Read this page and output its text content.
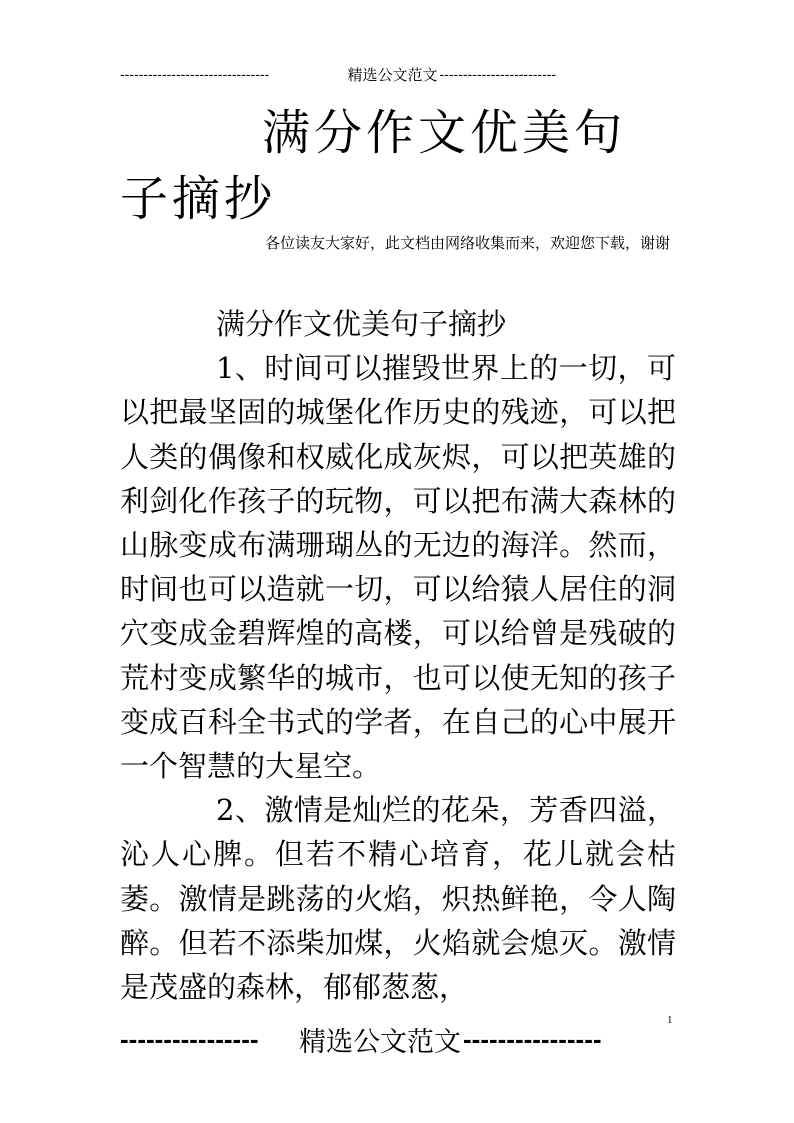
--------------------------------	精选公文范文 -------------------------
满分作文优美句子摘抄
各位读友大家好，此文档由网络收集而来，欢迎您下载，谢谢

满分作文优美句子摘抄

1、时间可以摧毁世界上的一切，可以把最坚固的城堡化作历史的残迹，可以把人类的偶像和权威化成灰烬，可以把英雄的利剑化作孩子的玩物，可以把布满大森林的山脉变成布满珊瑚丛的无边的海洋。然而，时间也可以造就一切，可以给猿人居住的洞穴变成金碧辉煌的高楼，可以给曾是残破的荒村变成繁华的城市，也可以使无知的孩子变成百科全书式的学者，在自己的心中展开一个智慧的大星空。

2、激情是灿烂的花朵，芳香四溢，沁人心脾。但若不精心培育，花儿就会枯萎。激情是跳荡的火焰，炽热鲜艳，令人陶醉。但若不添柴加煤，火焰就会熄灭。激情是茂盛的森林，郁郁葱葱，

1
----------------	精选公文范文 ----------------
